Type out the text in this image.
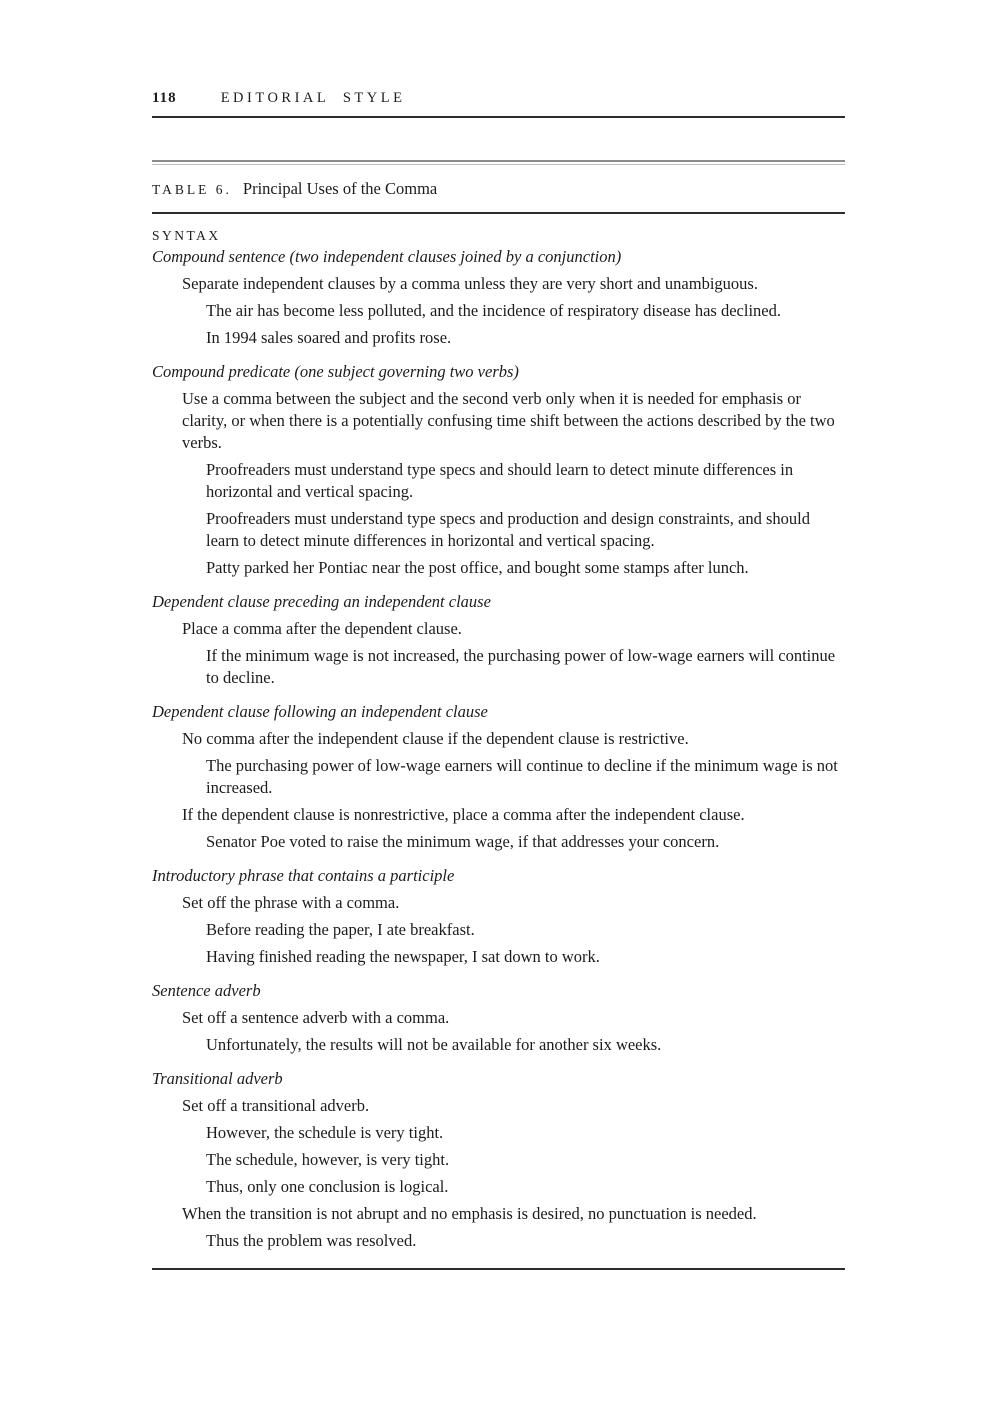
118	EDITORIAL STYLE
TABLE 6. Principal Uses of the Comma
SYNTAX
Compound sentence (two independent clauses joined by a conjunction)
Separate independent clauses by a comma unless they are very short and unambiguous.
The air has become less polluted, and the incidence of respiratory disease has declined.
In 1994 sales soared and profits rose.
Compound predicate (one subject governing two verbs)
Use a comma between the subject and the second verb only when it is needed for emphasis or clarity, or when there is a potentially confusing time shift between the actions described by the two verbs.
Proofreaders must understand type specs and should learn to detect minute differences in horizontal and vertical spacing.
Proofreaders must understand type specs and production and design constraints, and should learn to detect minute differences in horizontal and vertical spacing.
Patty parked her Pontiac near the post office, and bought some stamps after lunch.
Dependent clause preceding an independent clause
Place a comma after the dependent clause.
If the minimum wage is not increased, the purchasing power of low-wage earners will continue to decline.
Dependent clause following an independent clause
No comma after the independent clause if the dependent clause is restrictive.
The purchasing power of low-wage earners will continue to decline if the minimum wage is not increased.
If the dependent clause is nonrestrictive, place a comma after the independent clause.
Senator Poe voted to raise the minimum wage, if that addresses your concern.
Introductory phrase that contains a participle
Set off the phrase with a comma.
Before reading the paper, I ate breakfast.
Having finished reading the newspaper, I sat down to work.
Sentence adverb
Set off a sentence adverb with a comma.
Unfortunately, the results will not be available for another six weeks.
Transitional adverb
Set off a transitional adverb.
However, the schedule is very tight.
The schedule, however, is very tight.
Thus, only one conclusion is logical.
When the transition is not abrupt and no emphasis is desired, no punctuation is needed.
Thus the problem was resolved.
